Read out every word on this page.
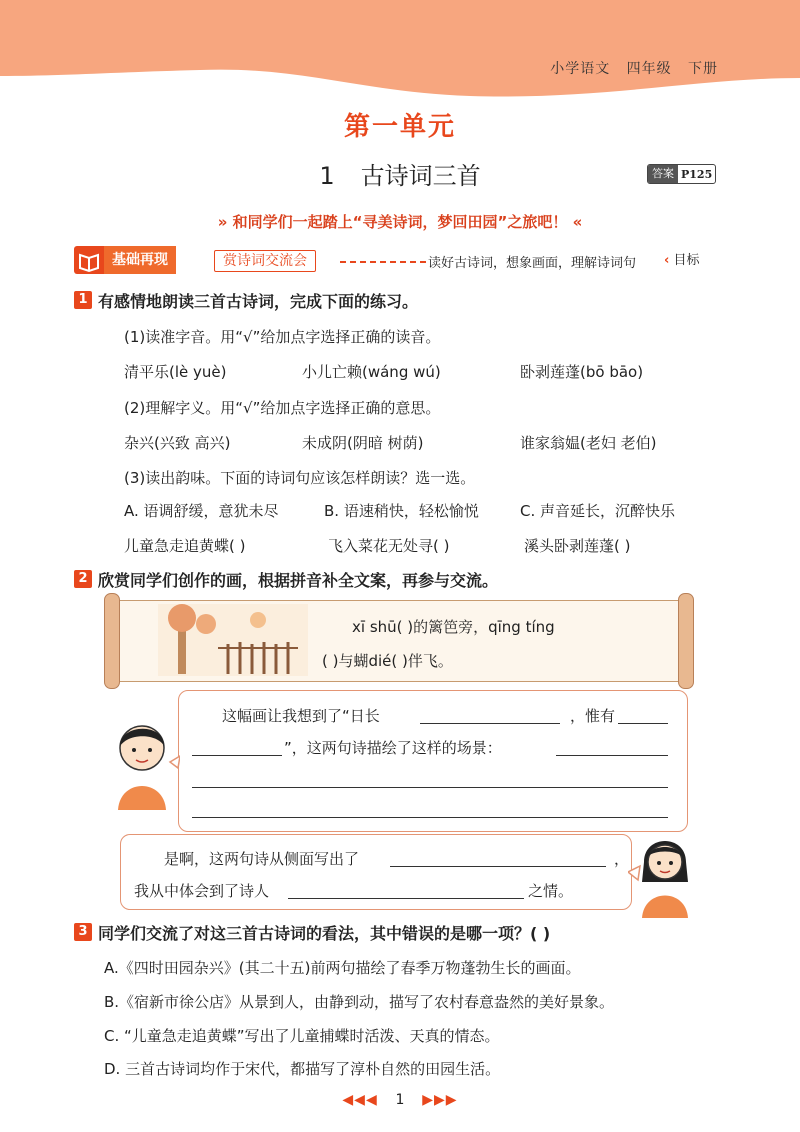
小学语文 四年级 下册
第一单元
1 古诗词三首	答案 P125
» 和同学们一起踏上“寻美诗词，梦回田园”之旅吧！ «
基础再现	赏诗词交流会	读好古诗词，想象画面，理解诗词句 ‹ 目标
1 有感情地朗读三首古诗词，完成下面的练习。
(1)读准字音。用“√”给加点字选择正确的读音。
清平乐(lè yuè)	小儿亡赖(wáng wú)	卧剥莲蓬(bō bāo)
(2)理解字义。用“√”给加点字选择正确的意思。
杂兴(兴致 高兴)	未成阴(阴暗 树荫)	谁家翁媪(老妇 老伯)
(3)读出韵味。下面的诗词句应该怎样朗读？选一选。
A. 语调舒缓，意犹未尽	B. 语速稍快，轻松愉悦	C. 声音延长，沉醉快乐
儿童急走追黄蝶( )	飞入菜花无处寻( )	溪头卧剥莲蓬( )
2 欣赏同学们创作的画，根据拼音补全文案，再参与交流。
xī shū( )的篱笆旁，qīng tíng
( )与蝴dié( )伴飞。
这幅画让我想到了“日长	，惟有
”，这两句诗描绘了这样的场景：
是啊，这两句诗从侧面写出了	，
我从中体会到了诗人	之情。
3 同学们交流了对这三首古诗词的看法，其中错误的是哪一项？( )
A.《四时田园杂兴》(其二十五)前两句描绘了春季万物蓬勃生长的画面。
B.《宿新市徐公店》从景到人，由静到动，描写了农村春意盎然的美好景象。
C. “儿童急走追黄蝶”写出了儿童捕蝶时活泼、天真的情态。
D. 三首古诗词均作于宋代，都描写了淳朴自然的田园生活。
◀◀◀ 1 ▶▶▶
